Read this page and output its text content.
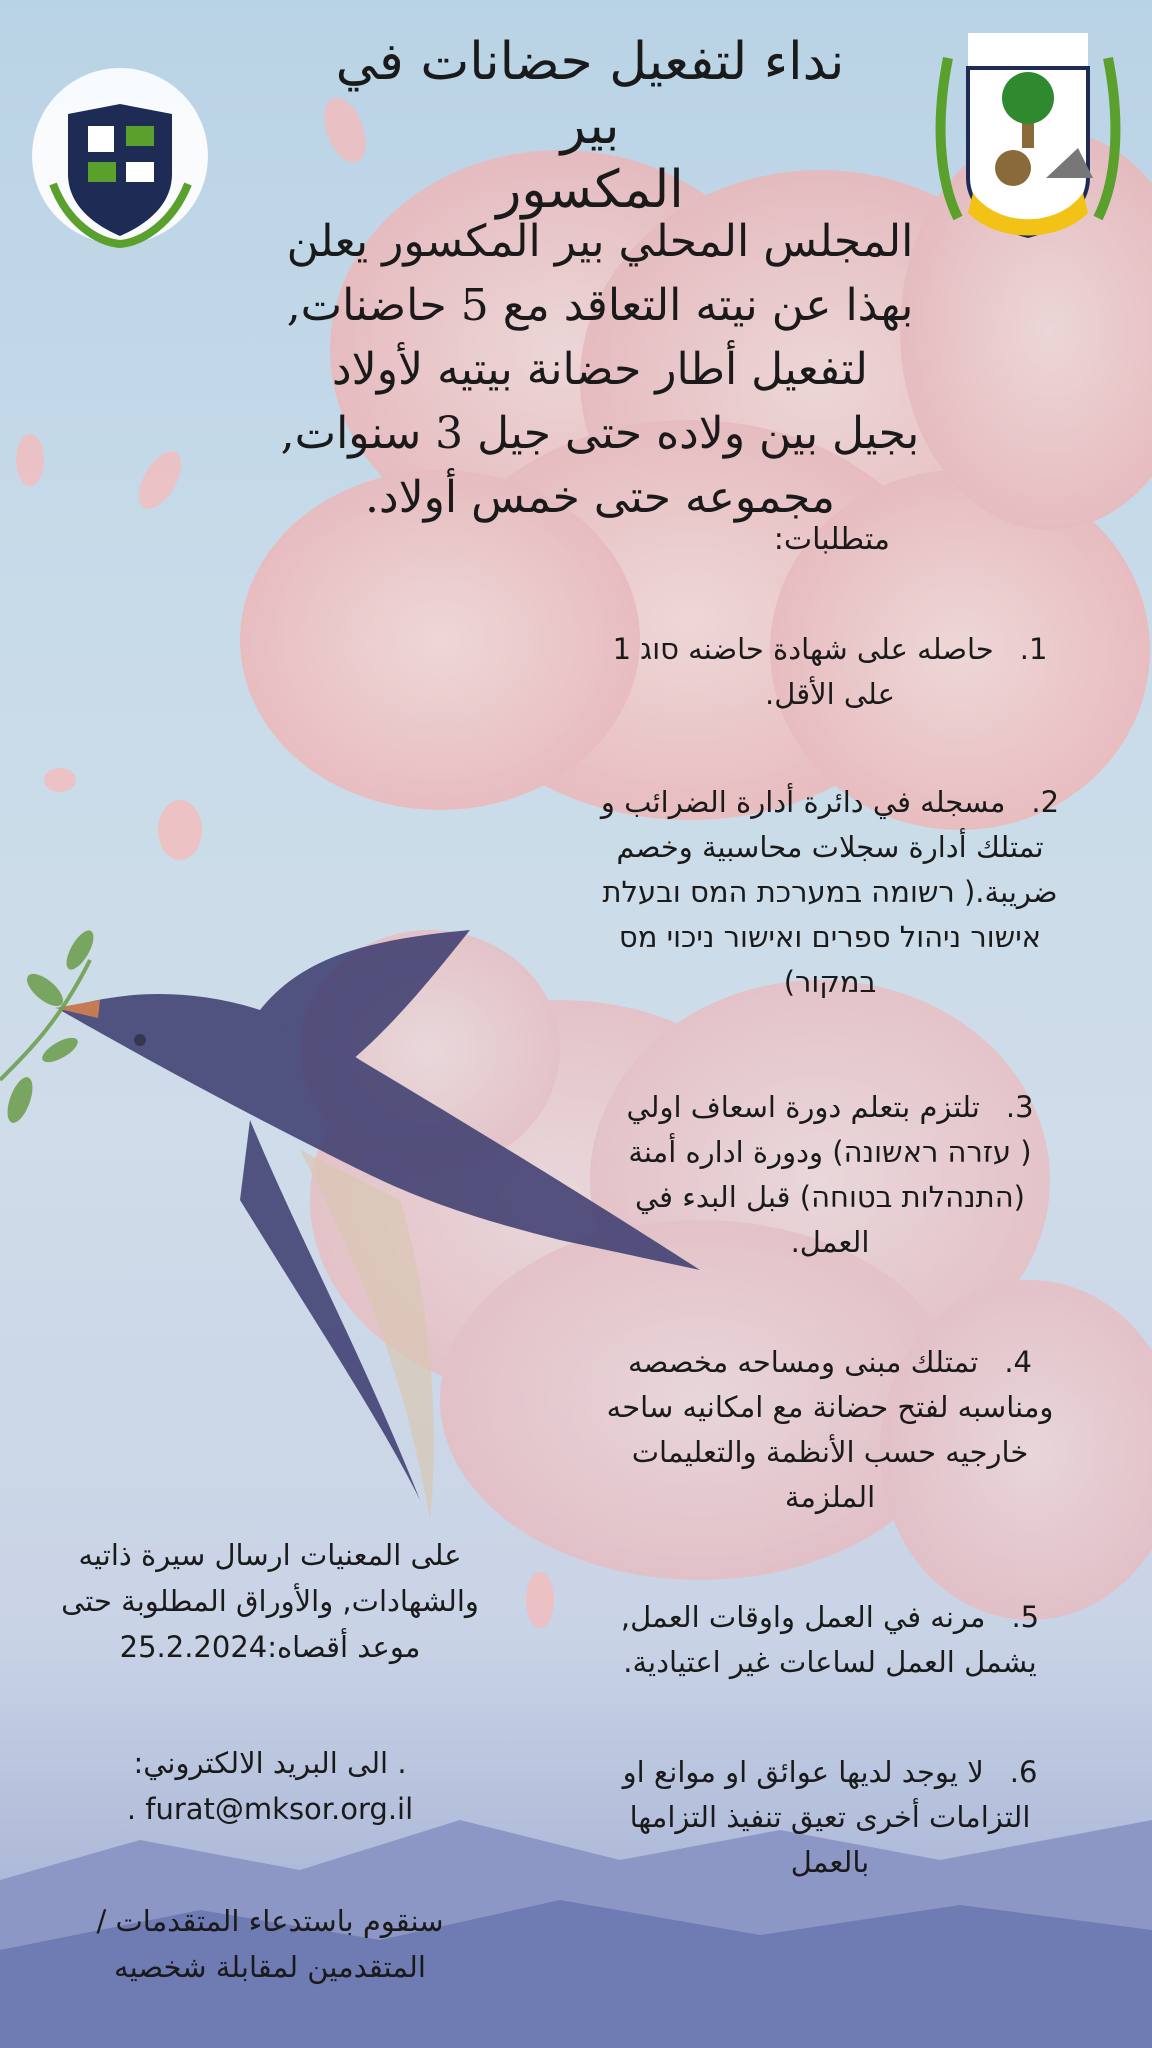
نداء لتفعيل حضانات في بير
المكسور
المجلس المحلي بير المكسور يعلن
بهذا عن نيته التعاقد مع 5 حاضنات,
لتفعيل أطار حضانة بيتيه لأولاد
بجيل بين ولاده حتى جيل 3 سنوات,
مجموعه حتى خمس أولاد.
متطلبات:
1.حاصله على شهادة حاضنه סוג 1
على الأقل.
2.مسجله في دائرة أدارة الضرائب و
تمتلك أدارة سجلات محاسبية وخصم
ضريبة.( רשומה במערכת המס ובעלת
אישור ניהול ספרים ואישור ניכוי מס
במקור)
3.تلتزم بتعلم دورة اسعاف اولي
( עזרה ראשונה) ودورة اداره أمنة
(התנהלות בטוחה) قبل البدء في
العمل.
4.تمتلك مبنى ومساحه مخصصه
ومناسبه لفتح حضانة مع امكانيه ساحه
خارجيه حسب الأنظمة والتعليمات
الملزمة
5.مرنه في العمل واوقات العمل,
يشمل العمل لساعات غير اعتيادية.
6.لا يوجد لديها عوائق او موانع او
التزامات أخرى تعيق تنفيذ التزامها
بالعمل
على المعنيات ارسال سيرة ذاتيه
والشهادات, والأوراق المطلوبة حتى
موعد أقصاه:25.2.2024
. الى البريد الالكتروني:
furat@mksor.org.il .
سنقوم باستدعاء المتقدمات /
المتقدمين لمقابلة شخصيه
